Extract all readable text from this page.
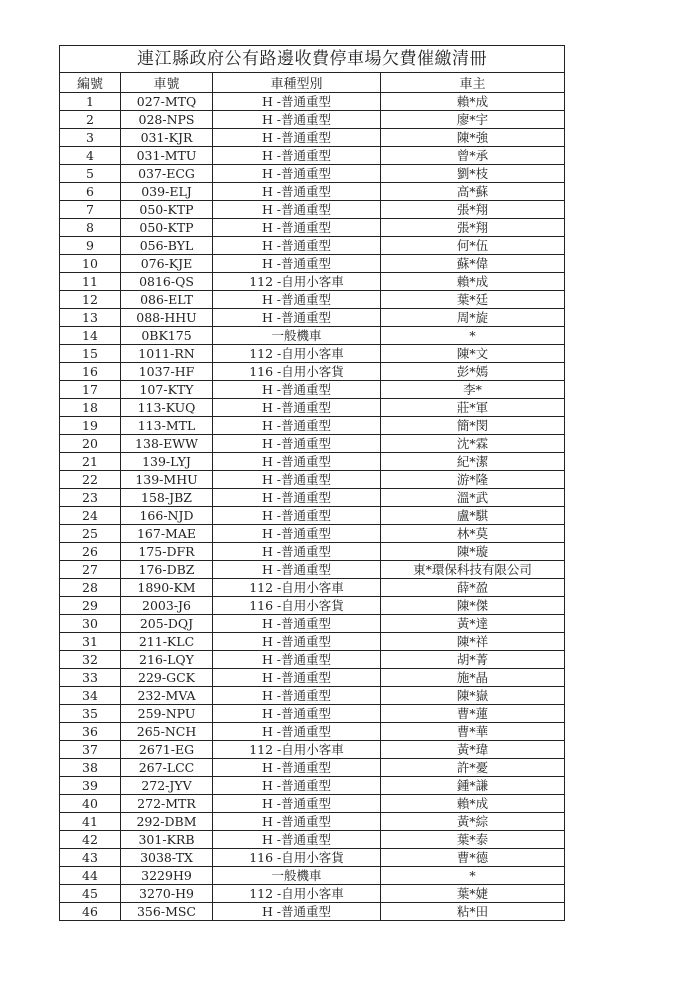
連江縣政府公有路邊收費停車場欠費催繳清冊
編號	車號	車種型別	車主
1	027-MTQ	H -普通重型	賴*成
2	028-NPS	H -普通重型	廖*宇
3	031-KJR	H -普通重型	陳*強
4	031-MTU	H -普通重型	曾*承
5	037-ECG	H -普通重型	劉*枝
6	039-ELJ	H -普通重型	高*蘇
7	050-KTP	H -普通重型	張*翔
8	050-KTP	H -普通重型	張*翔
9	056-BYL	H -普通重型	何*伍
10	076-KJE	H -普通重型	蘇*偉
11	0816-QS	112 -自用小客車	賴*成
12	086-ELT	H -普通重型	葉*廷
13	088-HHU	H -普通重型	周*旋
14	0BK175	一般機車	*
15	1011-RN	112 -自用小客車	陳*文
16	1037-HF	116 -自用小客貨	彭*嫣
17	107-KTY	H -普通重型	李*
18	113-KUQ	H -普通重型	莊*軍
19	113-MTL	H -普通重型	簡*閔
20	138-EWW	H -普通重型	沈*霖
21	139-LYJ	H -普通重型	紀*潔
22	139-MHU	H -普通重型	游*隆
23	158-JBZ	H -普通重型	溫*武
24	166-NJD	H -普通重型	盧*騏
25	167-MAE	H -普通重型	林*莫
26	175-DFR	H -普通重型	陳*璇
27	176-DBZ	H -普通重型	東*環保科技有限公司
28	1890-KM	112 -自用小客車	薛*盈
29	2003-J6	116 -自用小客貨	陳*傑
30	205-DQJ	H -普通重型	黃*達
31	211-KLC	H -普通重型	陳*祥
32	216-LQY	H -普通重型	胡*菁
33	229-GCK	H -普通重型	施*晶
34	232-MVA	H -普通重型	陳*嶽
35	259-NPU	H -普通重型	曹*蓮
36	265-NCH	H -普通重型	曹*華
37	2671-EG	112 -自用小客車	黃*瑋
38	267-LCC	H -普通重型	許*憂
39	272-JYV	H -普通重型	鍾*謙
40	272-MTR	H -普通重型	賴*成
41	292-DBM	H -普通重型	黃*綜
42	301-KRB	H -普通重型	葉*泰
43	3038-TX	116 -自用小客貨	曹*德
44	3229H9	一般機車	*
45	3270-H9	112 -自用小客車	葉*婕
46	356-MSC	H -普通重型	粘*田
